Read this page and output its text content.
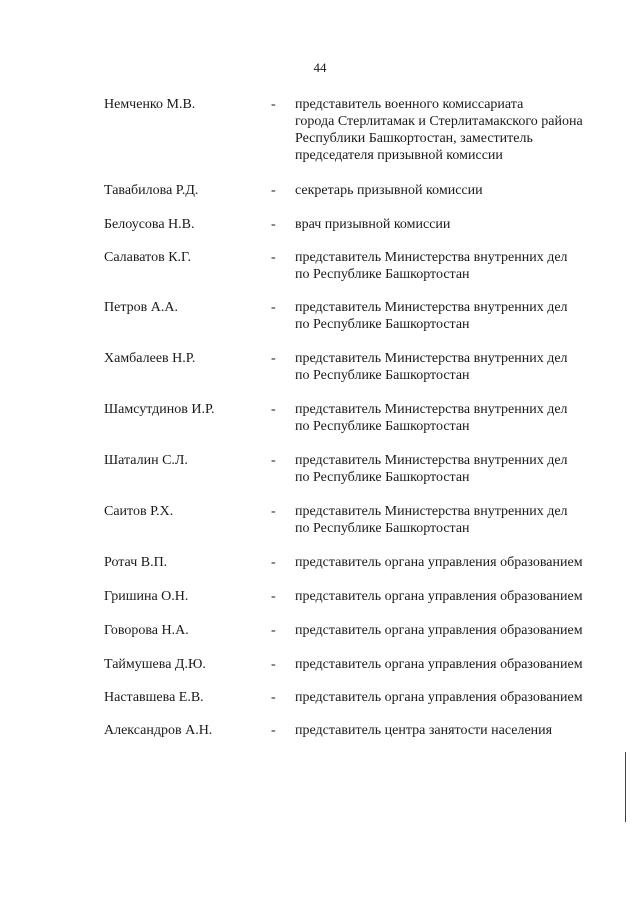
44
Немченко М.В.	- представитель военного комиссариата
города Стерлитамак и Стерлитамакского района
Республики Башкортостан, заместитель
председателя призывной комиссии
Тавабилова Р.Д.	- секретарь призывной комиссии
Белоусова Н.В.	- врач призывной комиссии
Салаватов К.Г.	- представитель Министерства внутренних дел
по Республике Башкортостан
Петров А.А.	- представитель Министерства внутренних дел
по Республике Башкортостан
Хамбалеев Н.Р.	- представитель Министерства внутренних дел
по Республике Башкортостан
Шамсутдинов И.Р.	- представитель Министерства внутренних дел
по Республике Башкортостан
Шаталин С.Л.	- представитель Министерства внутренних дел
по Республике Башкортостан
Саитов Р.Х.	- представитель Министерства внутренних дел
по Республике Башкортостан
Ротач В.П.	- представитель органа управления образованием
Гришина О.Н.	- представитель органа управления образованием
Говорова Н.А.	- представитель органа управления образованием
Таймушева Д.Ю.	- представитель органа управления образованием
Наставшева Е.В.	- представитель органа управления образованием
Александров А.Н.	- представитель центра занятости населения
